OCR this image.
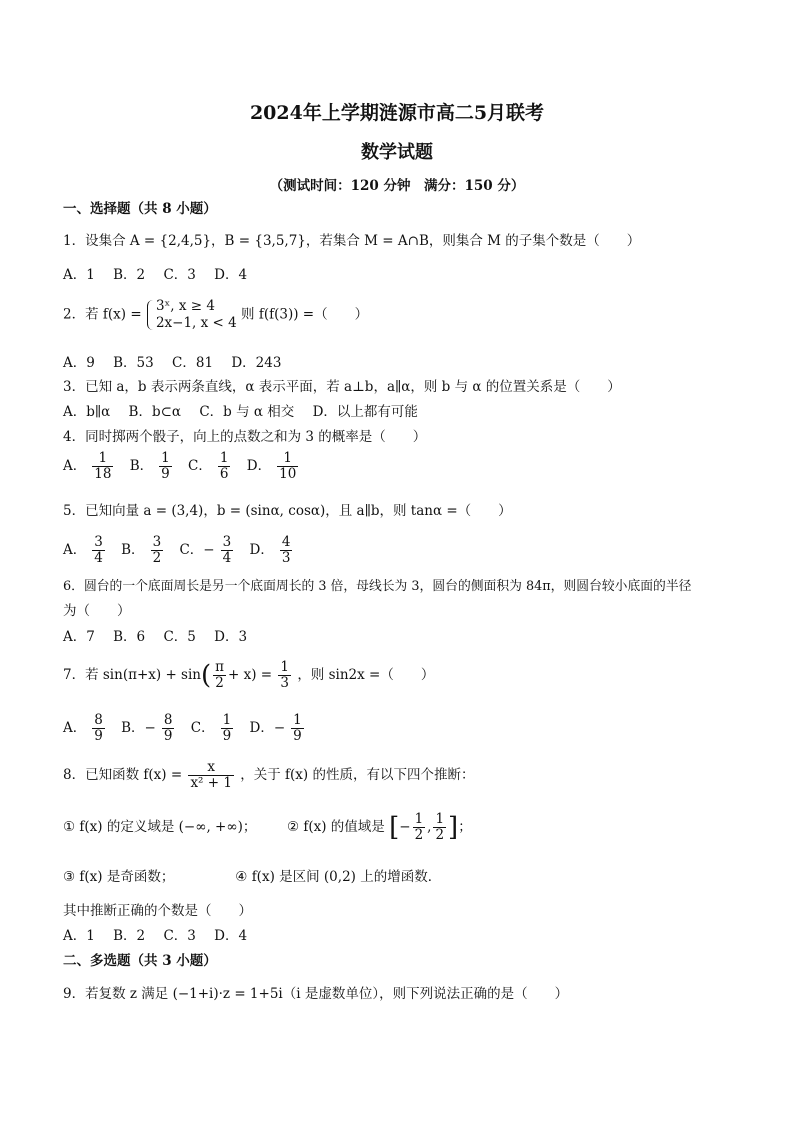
2024年上学期涟源市高二5月联考
数学试题
（测试时间：120 分钟　满分：150 分）
一、选择题（共 8 小题）
1．设集合 A = {2,4,5}，B = {3,5,7}，若集合 M = A∩B，则集合 M 的子集个数是（　　）
A．1 B．2 C．3 D．4
2．若 f(x) =
3ˣ, x ≥ 4
2x−1, x < 4
则 f(f(3)) =（　　）
A．9 B．53 C．81 D．243
3．已知 a，b 表示两条直线，α 表示平面，若 a⊥b，a∥α，则 b 与 α 的位置关系是（　　）
A．b∥α B．b⊂α C．b 与 α 相交 D．以上都有可能
4．同时掷两个骰子，向上的点数之和为 3 的概率是（　　）
A． $\frac{1}{18}$ B． $\frac{1}{9}$ C． $\frac{1}{6}$ D． $\frac{1}{10}$
5．已知向量 a = (3,4)，b = (sinα, cosα)，且 a∥b，则 tanα =（　　）
A． $\frac{3}{4}$ B． $\frac{3}{2}$ C．− $\frac{3}{4}$ D． $\frac{4}{3}$
6．圆台的一个底面周长是另一个底面周长的 3 倍，母线长为 3，圆台的侧面积为 84π，则圆台较小底面的半径
为（　　）
A．7 B．6 C．5 D．3
7．若 $\sin(\pi+x) + \sin( \frac{\pi}{2} + x) = \frac{1}{3}$ ，则 sin2x =（　　）
A． $\frac{8}{9}$ B．− $\frac{8}{9}$ C． $\frac{1}{9}$ D．− $\frac{1}{9}$
8．已知函数 $f(x) = \frac{x}{\text{x² + 1}}$ ，关于 f(x) 的性质，有以下四个推断：
① f(x) 的定义域是 (−∞, +∞)； ② f(x) 的值域是 [− $\frac{1}{2}$ , $\frac{1}{2}$ ]；
③ f(x) 是奇函数；	④ f(x) 是区间 (0,2) 上的增函数．
其中推断正确的个数是（　　）
A．1 B．2 C．3 D．4
二、多选题（共 3 小题）
9．若复数 z 满足 (−1+i)·z = 1+5i（i 是虚数单位），则下列说法正确的是（　　）
